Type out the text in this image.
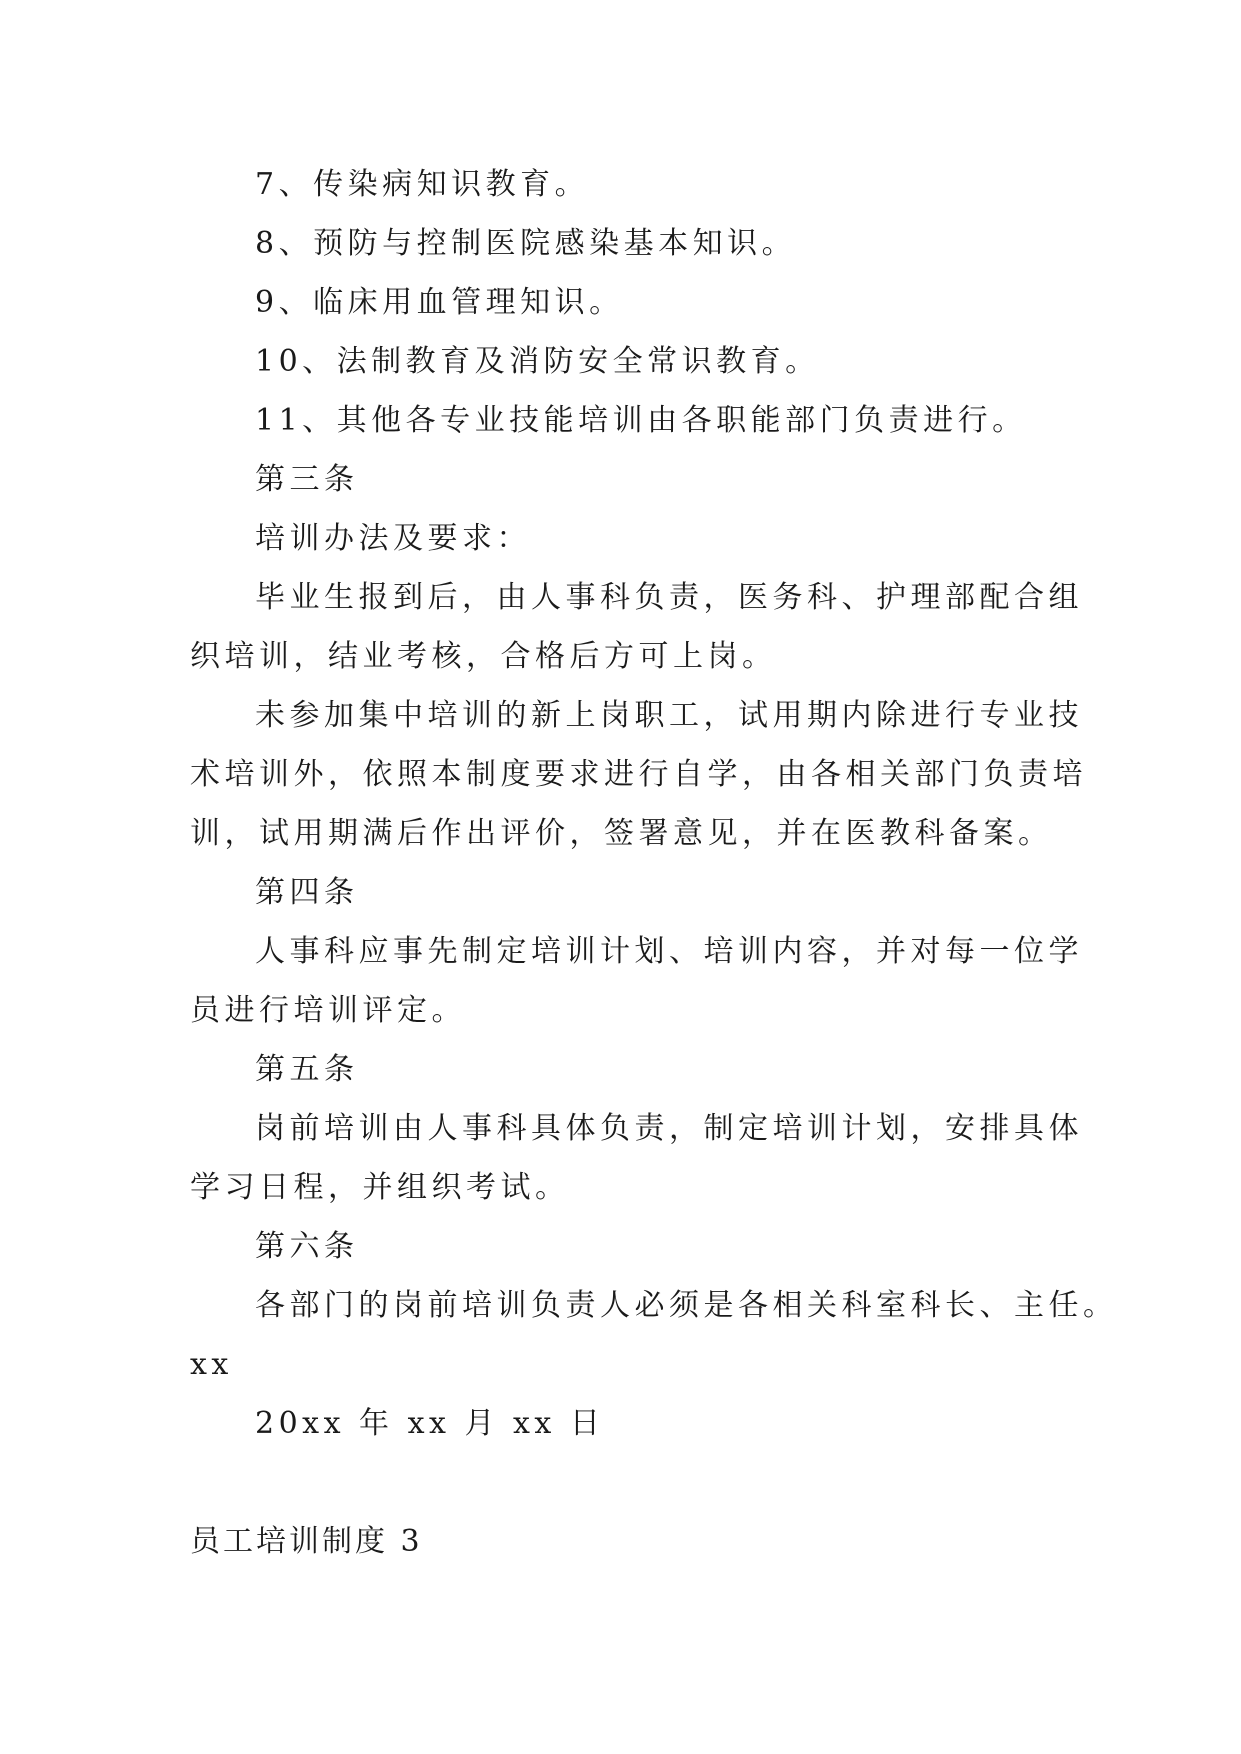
7、传染病知识教育。
8、预防与控制医院感染基本知识。
9、临床用血管理知识。
10、法制教育及消防安全常识教育。
11、其他各专业技能培训由各职能部门负责进行。
第三条
培训办法及要求：
毕业生报到后，由人事科负责，医务科、护理部配合组
织培训，结业考核，合格后方可上岗。
未参加集中培训的新上岗职工，试用期内除进行专业技
术培训外，依照本制度要求进行自学，由各相关部门负责培
训，试用期满后作出评价，签署意见，并在医教科备案。
第四条
人事科应事先制定培训计划、培训内容，并对每一位学
员进行培训评定。
第五条
岗前培训由人事科具体负责，制定培训计划，安排具体
学习日程，并组织考试。
第六条
各部门的岗前培训负责人必须是各相关科室科长、主任。
xx
20xx 年 xx 月 xx 日
员工培训制度 3
